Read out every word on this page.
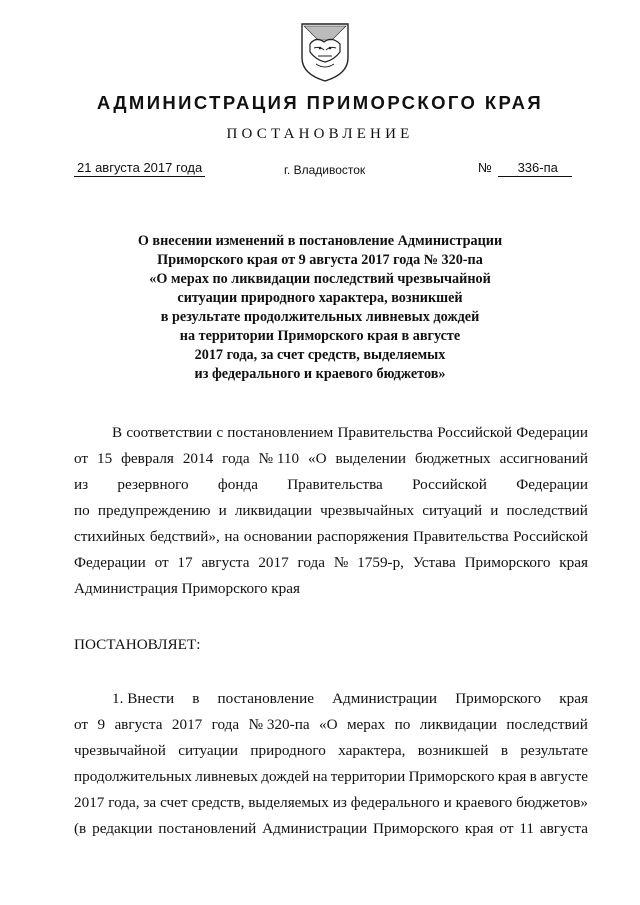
АДМИНИСТРАЦИЯ ПРИМОРСКОГО КРАЯ
ПОСТАНОВЛЕНИЕ
21 августа 2017 года	г. Владивосток	№ 336-па
О внесении изменений в постановление Администрации
Приморского края от 9 августа 2017 года № 320-па
«О мерах по ликвидации последствий чрезвычайной
ситуации природного характера, возникшей
в результате продолжительных ливневых дождей
на территории Приморского края в августе
2017 года, за счет средств, выделяемых
из федерального и краевого бюджетов»
В соответствии с постановлением Правительства Российской Федерации
от 15 февраля 2014 года № 110 «О выделении бюджетных ассигнований
из резервного фонда Правительства Российской Федерации
по предупреждению и ликвидации чрезвычайных ситуаций и последствий
стихийных бедствий», на основании распоряжения Правительства Российской
Федерации от 17 августа 2017 года № 1759-р, Устава Приморского края
Администрация Приморского края
ПОСТАНОВЛЯЕТ:
1. Внести в постановление Администрации Приморского края
от 9 августа 2017 года № 320-па «О мерах по ликвидации последствий
чрезвычайной ситуации природного характера, возникшей в результате
продолжительных ливневых дождей на территории Приморского края в августе
2017 года, за счет средств, выделяемых из федерального и краевого бюджетов»
(в редакции постановлений Администрации Приморского края от 11 августа
